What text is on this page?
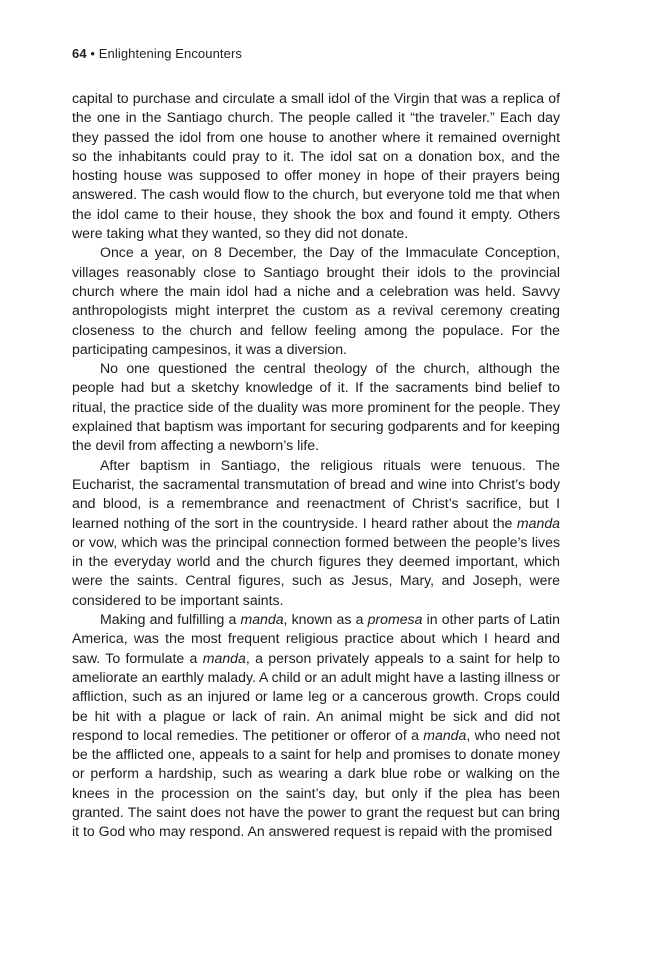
64 • Enlightening Encounters

capital to purchase and circulate a small idol of the Virgin that was a replica of the one in the Santiago church. The people called it “the traveler.” Each day they passed the idol from one house to another where it remained overnight so the inhabitants could pray to it. The idol sat on a donation box, and the hosting house was supposed to offer money in hope of their prayers being answered. The cash would flow to the church, but everyone told me that when the idol came to their house, they shook the box and found it empty. Others were taking what they wanted, so they did not donate.

Once a year, on 8 December, the Day of the Immaculate Conception, villages reasonably close to Santiago brought their idols to the provincial church where the main idol had a niche and a celebration was held. Savvy anthropologists might interpret the custom as a revival ceremony creating closeness to the church and fellow feeling among the populace. For the participating campesinos, it was a diversion.

No one questioned the central theology of the church, although the people had but a sketchy knowledge of it. If the sacraments bind belief to ritual, the practice side of the duality was more prominent for the people. They explained that baptism was important for securing godparents and for keeping the devil from affecting a newborn’s life.

After baptism in Santiago, the religious rituals were tenuous. The Eucharist, the sacramental transmutation of bread and wine into Christ’s body and blood, is a remembrance and reenactment of Christ’s sacrifice, but I learned nothing of the sort in the countryside. I heard rather about the manda or vow, which was the principal connection formed between the people’s lives in the everyday world and the church figures they deemed important, which were the saints. Central figures, such as Jesus, Mary, and Joseph, were considered to be important saints.

Making and fulfilling a manda, known as a promesa in other parts of Latin America, was the most frequent religious practice about which I heard and saw. To formulate a manda, a person privately appeals to a saint for help to ameliorate an earthly malady. A child or an adult might have a lasting illness or affliction, such as an injured or lame leg or a cancerous growth. Crops could be hit with a plague or lack of rain. An animal might be sick and did not respond to local remedies. The petitioner or offeror of a manda, who need not be the afflicted one, appeals to a saint for help and promises to donate money or perform a hardship, such as wearing a dark blue robe or walking on the knees in the procession on the saint’s day, but only if the plea has been granted. The saint does not have the power to grant the request but can bring it to God who may respond. An answered request is repaid with the promised
